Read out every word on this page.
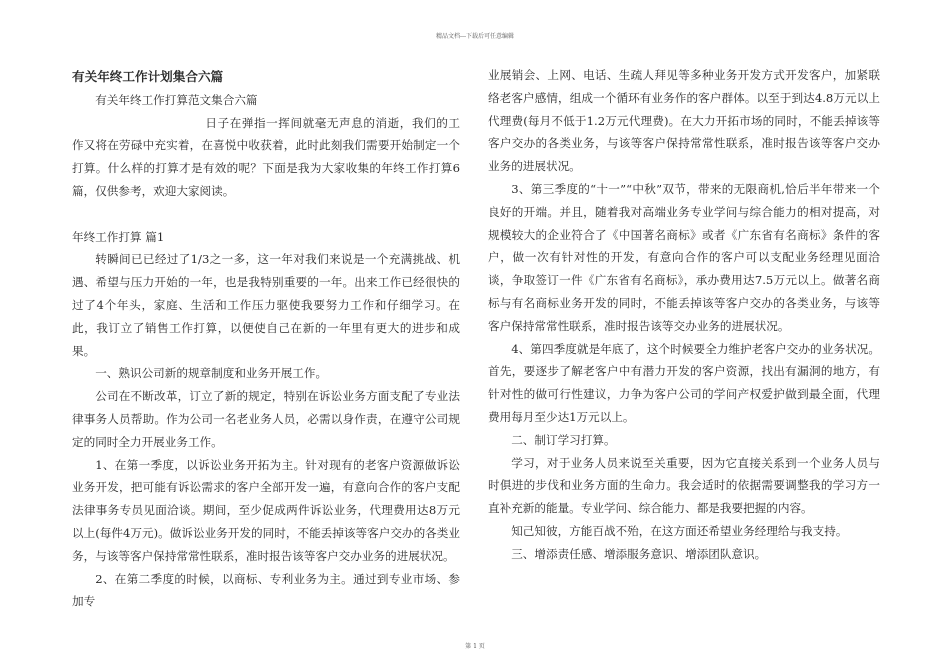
精品文档---下载后可任意编辑

有关年终工作计划集合六篇

有关年终工作打算范文集合六篇

日子在弹指一挥间就毫无声息的消逝，我们的工作又将在劳碌中充实着，在喜悦中收获着，此时此刻我们需要开始制定一个打算。什么样的打算才是有效的呢？下面是我为大家收集的年终工作打算6篇，仅供参考，欢迎大家阅读。

年终工作打算 篇1

转瞬间已已经过了1/3之一多，这一年对我们来说是一个充满挑战、机遇、希望与压力开始的一年，也是我特别重要的一年。出来工作已经很快的过了4个年头，家庭、生活和工作压力驱使我要努力工作和仔细学习。在此，我订立了销售工作打算，以便使自己在新的一年里有更大的进步和成果。

一、熟识公司新的规章制度和业务开展工作。

公司在不断改革，订立了新的规定，特别在诉讼业务方面支配了专业法律事务人员帮助。作为公司一名老业务人员，必需以身作责，在遵守公司规定的同时全力开展业务工作。

1、在第一季度，以诉讼业务开拓为主。针对现有的老客户资源做诉讼业务开发，把可能有诉讼需求的客户全部开发一遍，有意向合作的客户支配法律事务专员见面洽谈。期间，至少促成两件诉讼业务，代理费用达8万元以上(每件4万元)。做诉讼业务开发的同时，不能丢掉该等客户交办的各类业务，与该等客户保持常常性联系，准时报告该等客户交办业务的进展状况。

2、在第二季度的时候，以商标、专利业务为主。通过到专业市场、参加专

业展销会、上网、电话、生疏人拜见等多种业务开发方式开发客户，加紧联络老客户感情，组成一个循环有业务作的客户群体。以至于到达4.8万元以上代理费(每月不低于1.2万元代理费)。在大力开拓市场的同时，不能丢掉该等客户交办的各类业务，与该等客户保持常常性联系，准时报告该等客户交办业务的进展状况。

3、第三季度的“十一”“中秋”双节，带来的无限商机,恰后半年带来一个良好的开端。并且，随着我对高端业务专业学问与综合能力的相对提高，对规模较大的企业符合了《中国著名商标》或者《广东省有名商标》条件的客户，做一次有针对性的开发，有意向合作的客户可以支配业务经理见面洽谈，争取签订一件《广东省有名商标》，承办费用达7.5万元以上。做著名商标与有名商标业务开发的同时，不能丢掉该等客户交办的各类业务，与该等客户保持常常性联系，准时报告该等交办业务的进展状况。

4、第四季度就是年底了，这个时候要全力维护老客户交办的业务状况。首先，要逐步了解老客户中有潜力开发的客户资源，找出有漏洞的地方，有针对性的做可行性建议，力争为客户公司的学问产权爱护做到最全面，代理费用每月至少达1万元以上。

二、制订学习打算。

学习，对于业务人员来说至关重要，因为它直接关系到一个业务人员与时俱进的步伐和业务方面的生命力。我会适时的依据需要调整我的学习方一直补充新的能量。专业学问、综合能力、都是我要把握的内容。

知己知彼，方能百战不殆，在这方面还希望业务经理给与我支持。

三、增添责任感、增添服务意识、增添团队意识。

第 1 页
